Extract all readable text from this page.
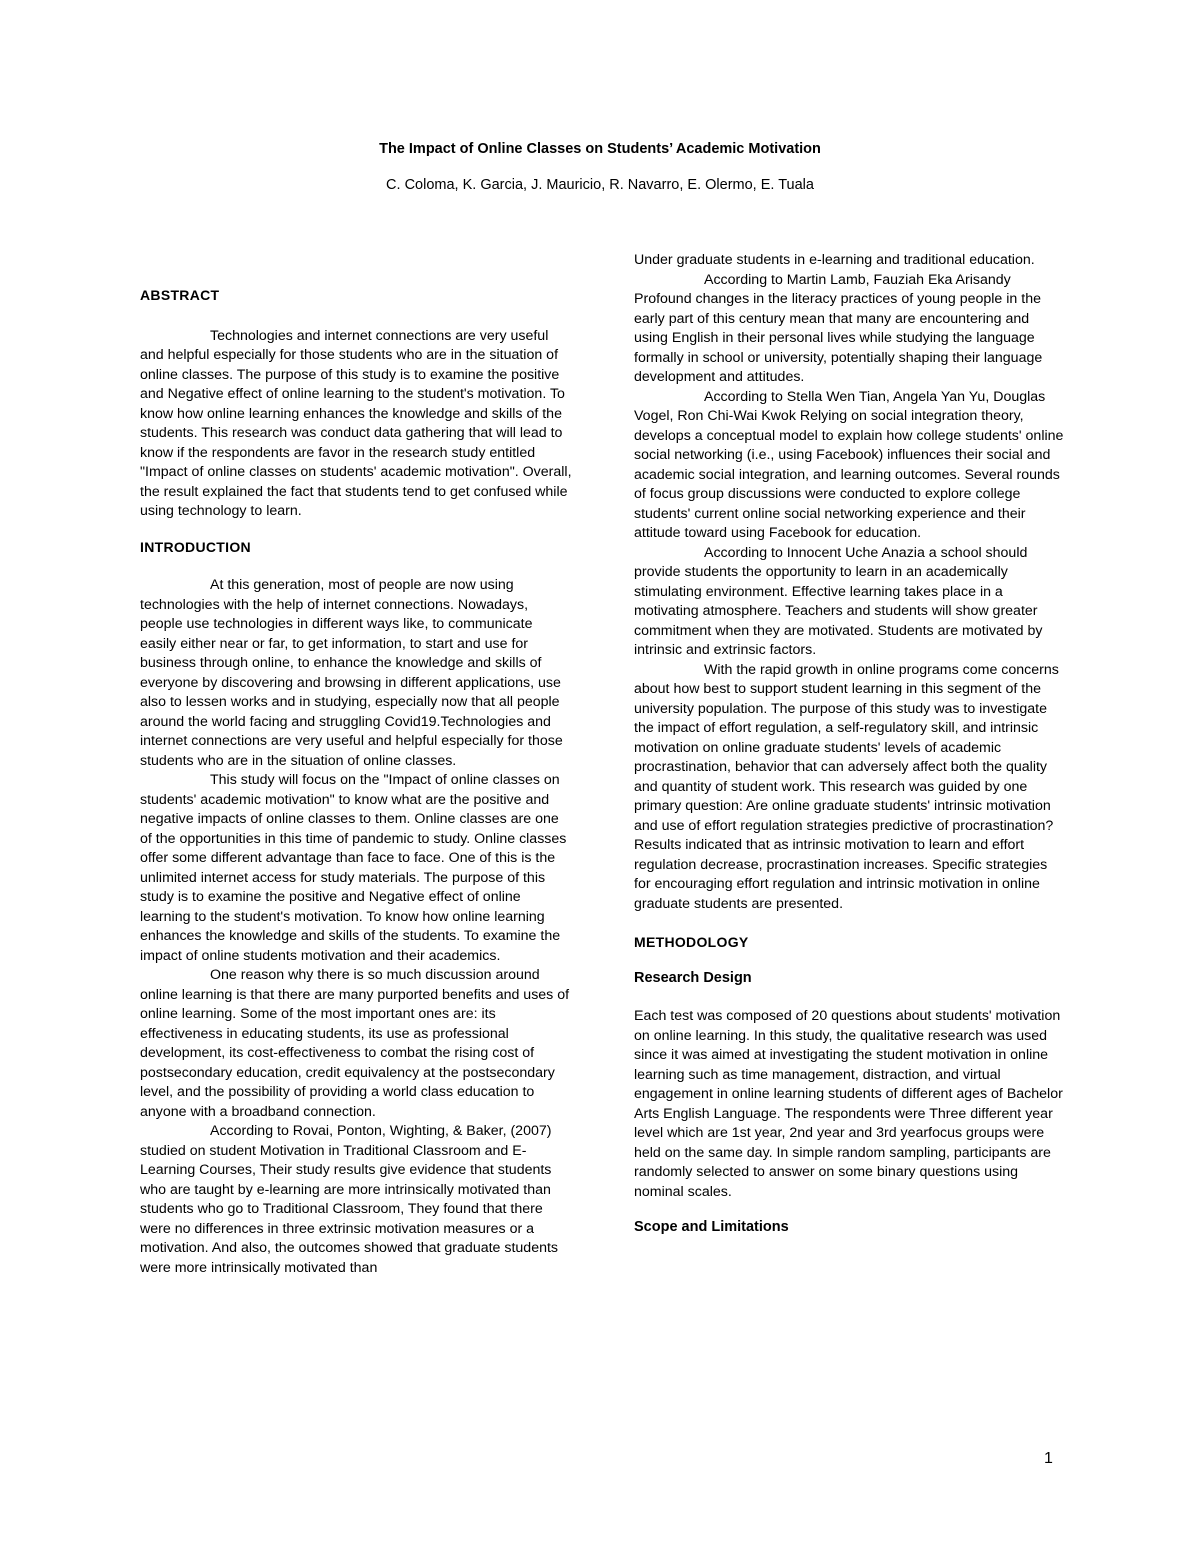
The Impact of Online Classes on Students’ Academic Motivation
C. Coloma, K. Garcia, J. Mauricio, R. Navarro, E. Olermo, E. Tuala

ABSTRACT

Technologies and internet connections are very useful and helpful especially for those students who are in the situation of online classes. The purpose of this study is to examine the positive and Negative effect of online learning to the student's motivation. To know how online learning enhances the knowledge and skills of the students. This research was conduct data gathering that will lead to know if the respondents are favor in the research study entitled "Impact of online classes on students' academic motivation". Overall, the result explained the fact that students tend to get confused while using technology to learn.

INTRODUCTION

At this generation, most of people are now using technologies with the help of internet connections. Nowadays, people use technologies in different ways like, to communicate easily either near or far, to get information, to start and use for business through online, to enhance the knowledge and skills of everyone by discovering and browsing in different applications, use also to lessen works and in studying, especially now that all people around the world facing and struggling Covid19.Technologies and internet connections are very useful and helpful especially for those students who are in the situation of online classes.

This study will focus on the "Impact of online classes on students' academic motivation" to know what are the positive and negative impacts of online classes to them. Online classes are one of the opportunities in this time of pandemic to study. Online classes offer some different advantage than face to face. One of this is the unlimited internet access for study materials. The purpose of this study is to examine the positive and Negative effect of online learning to the student's motivation. To know how online learning enhances the knowledge and skills of the students. To examine the impact of online students motivation and their academics.

One reason why there is so much discussion around online learning is that there are many purported benefits and uses of online learning. Some of the most important ones are: its effectiveness in educating students, its use as professional development, its cost-effectiveness to combat the rising cost of postsecondary education, credit equivalency at the postsecondary level, and the possibility of providing a world class education to anyone with a broadband connection.

According to Rovai, Ponton, Wighting, & Baker, (2007) studied on student Motivation in Traditional Classroom and E-Learning Courses, Their study results give evidence that students who are taught by e-learning are more intrinsically motivated than students who go to Traditional Classroom, They found that there were no differences in three extrinsic motivation measures or a motivation. And also, the outcomes showed that graduate students were more intrinsically motivated than

Under graduate students in e-learning and traditional education.

According to Martin Lamb, Fauziah Eka Arisandy Profound changes in the literacy practices of young people in the early part of this century mean that many are encountering and using English in their personal lives while studying the language formally in school or university, potentially shaping their language development and attitudes.

According to Stella Wen Tian, Angela Yan Yu, Douglas Vogel, Ron Chi-Wai Kwok Relying on social integration theory, develops a conceptual model to explain how college students' online social networking (i.e., using Facebook) influences their social and academic social integration, and learning outcomes. Several rounds of focus group discussions were conducted to explore college students' current online social networking experience and their attitude toward using Facebook for education.

According to Innocent Uche Anazia a school should provide students the opportunity to learn in an academically stimulating environment. Effective learning takes place in a motivating atmosphere. Teachers and students will show greater commitment when they are motivated. Students are motivated by intrinsic and extrinsic factors.

With the rapid growth in online programs come concerns about how best to support student learning in this segment of the university population. The purpose of this study was to investigate the impact of effort regulation, a self-regulatory skill, and intrinsic motivation on online graduate students' levels of academic procrastination, behavior that can adversely affect both the quality and quantity of student work. This research was guided by one primary question: Are online graduate students' intrinsic motivation and use of effort regulation strategies predictive of procrastination? Results indicated that as intrinsic motivation to learn and effort regulation decrease, procrastination increases. Specific strategies for encouraging effort regulation and intrinsic motivation in online graduate students are presented.

METHODOLOGY

Research Design

Each test was composed of 20 questions about students' motivation on online learning. In this study, the qualitative research was used since it was aimed at investigating the student motivation in online learning such as time management, distraction, and virtual engagement in online learning students of different ages of Bachelor Arts English Language. The respondents were Three different year level which are 1st year, 2nd year and 3rd yearfocus groups were held on the same day. In simple random sampling, participants are randomly selected to answer on some binary questions using nominal scales.

Scope and Limitations

1
